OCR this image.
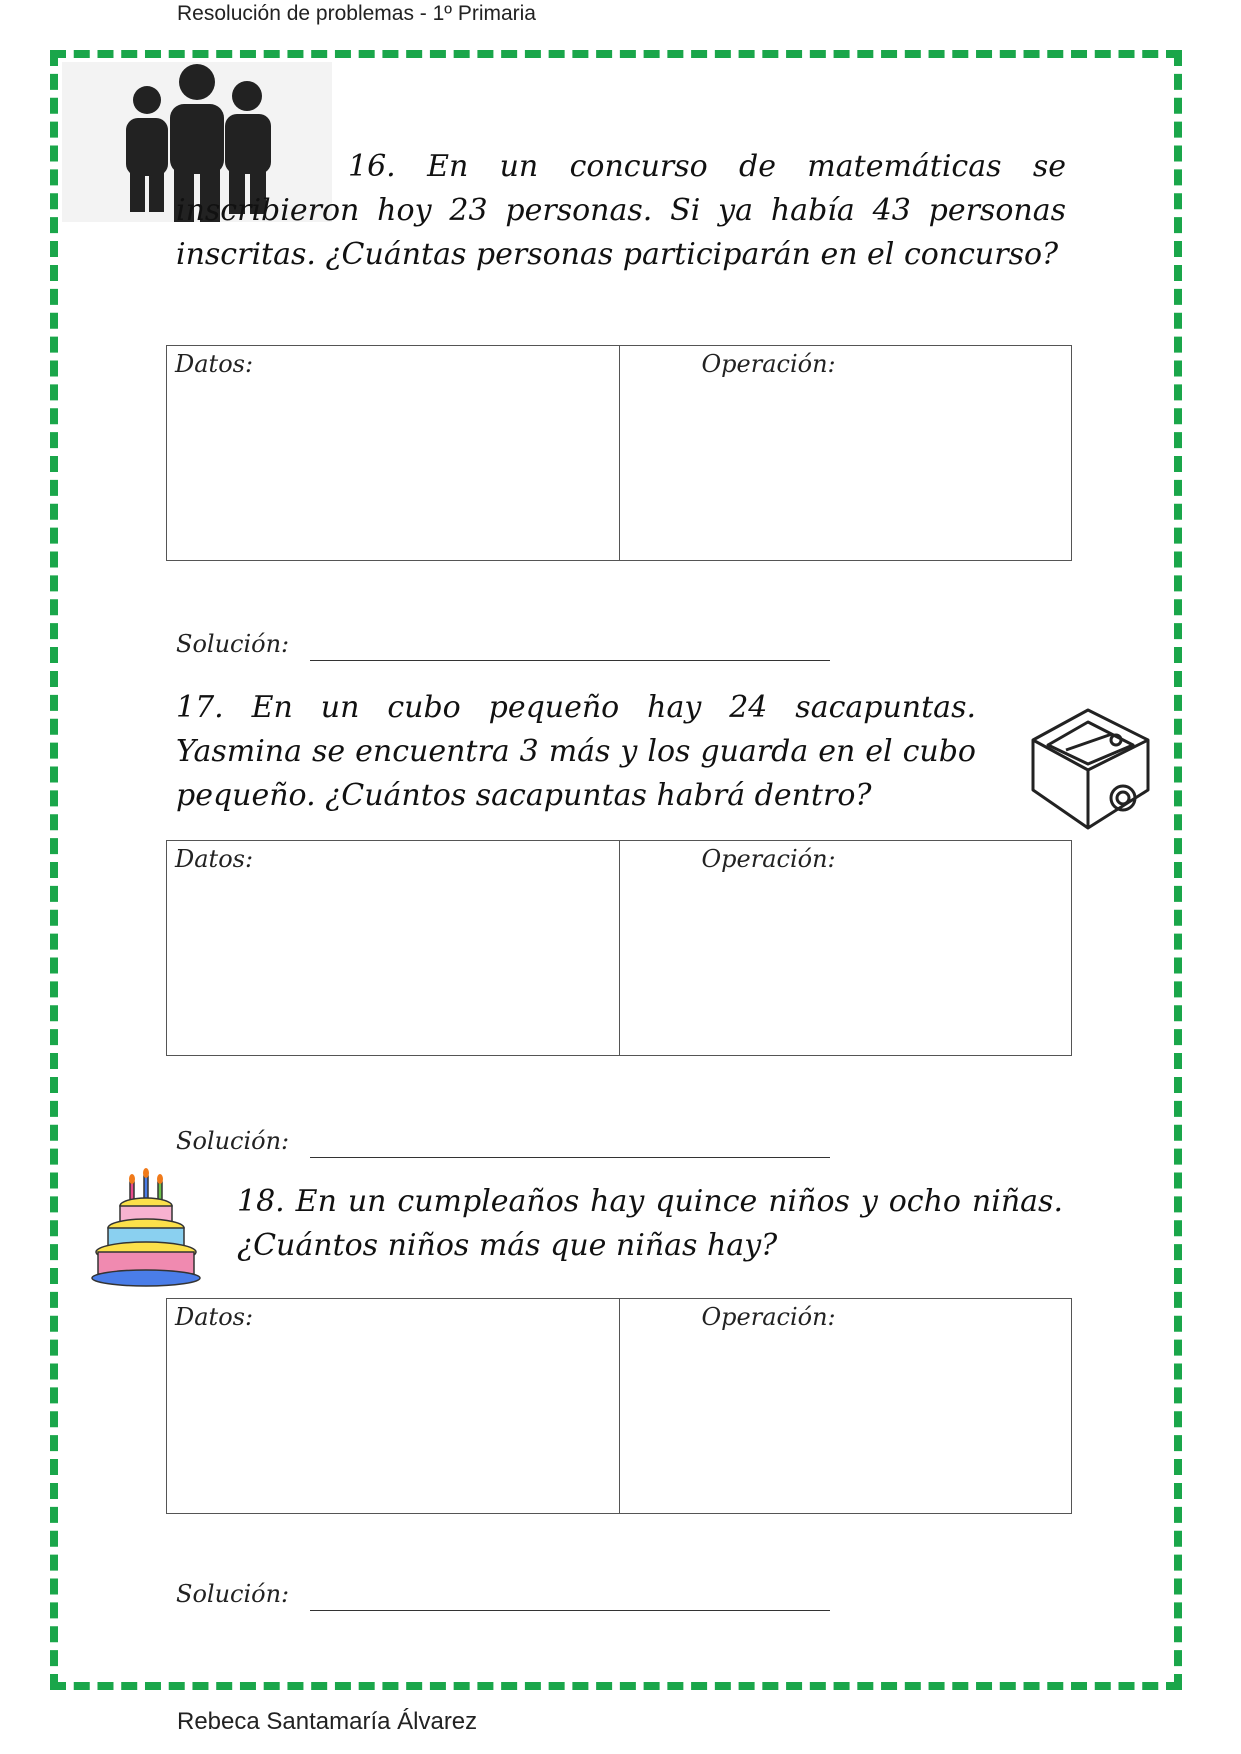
Resolución de problemas - 1º Primaria
16. En un concurso de matemáticas se inscribieron hoy 23 personas. Si ya había 43 personas inscritas. ¿Cuántas personas participarán en el concurso?
Datos:	Operación:
Solución:
17. En un cubo pequeño hay 24 sacapuntas. Yasmina se encuentra 3 más y los guarda en el cubo pequeño. ¿Cuántos sacapuntas habrá dentro?
Datos:	Operación:
Solución:
18. En un cumpleaños hay quince niños y ocho niñas. ¿Cuántos niños más que niñas hay?
Datos:	Operación:
Solución:
Rebeca Santamaría Álvarez
